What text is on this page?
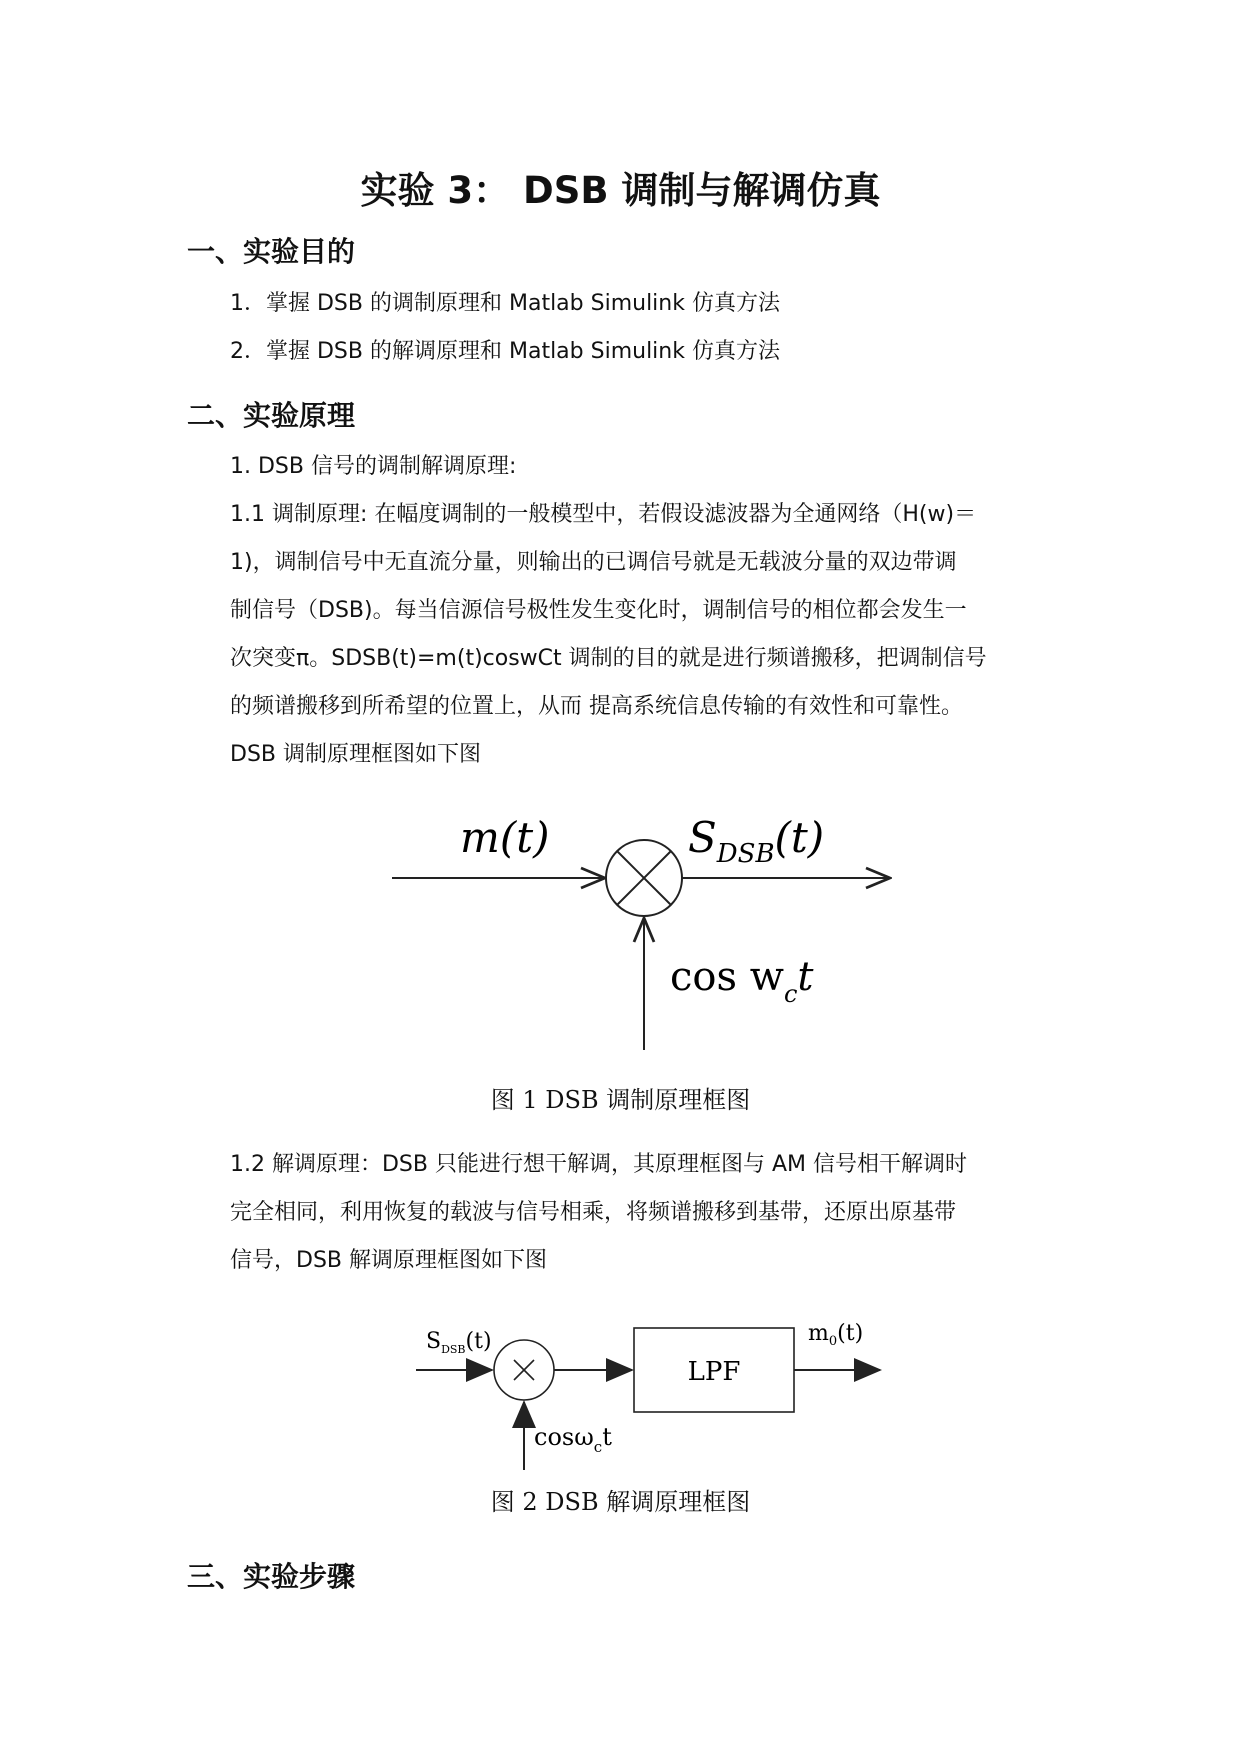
实验 3： DSB 调制与解调仿真
一、实验目的
1．掌握 DSB 的调制原理和 Matlab Simulink 仿真方法
2．掌握 DSB 的解调原理和 Matlab Simulink 仿真方法
二、实验原理
1. DSB 信号的调制解调原理:
1.1 调制原理: 在幅度调制的一般模型中，若假设滤波器为全通网络（H(w)＝
1)，调制信号中无直流分量，则输出的已调信号就是无载波分量的双边带调
制信号（DSB)。每当信源信号极性发生变化时，调制信号的相位都会发生一
次突变π。SDSB(t)=m(t)coswCt 调制的目的就是进行频谱搬移，把调制信号
的频谱搬移到所希望的位置上，从而 提高系统信息传输的有效性和可靠性。
DSB 调制原理框图如下图
m(t)	$S_{DSB}(t)$
$\cos w_ct$
图 1 DSB 调制原理框图
1.2 解调原理：DSB 只能进行想干解调，其原理框图与 AM 信号相干解调时
完全相同，利用恢复的载波与信号相乘，将频谱搬移到基带，还原出原基带
信号，DSB 解调原理框图如下图
LPF
$S_{DSB}(t)$	$m_0(t)$
cosω$_c$t
图 2 DSB 解调原理框图
三、实验步骤
